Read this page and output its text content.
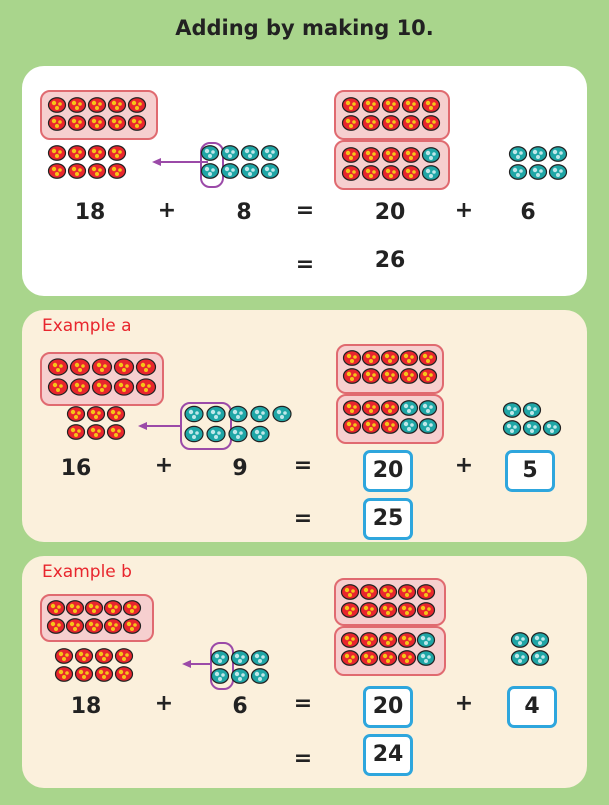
Adding by making 10.
18 +	8 =	20 + 6
=	26
Example a
16	+	9 =	20	+	5
=	25
Example b
18 +	6 =	20	+	4
=	24
